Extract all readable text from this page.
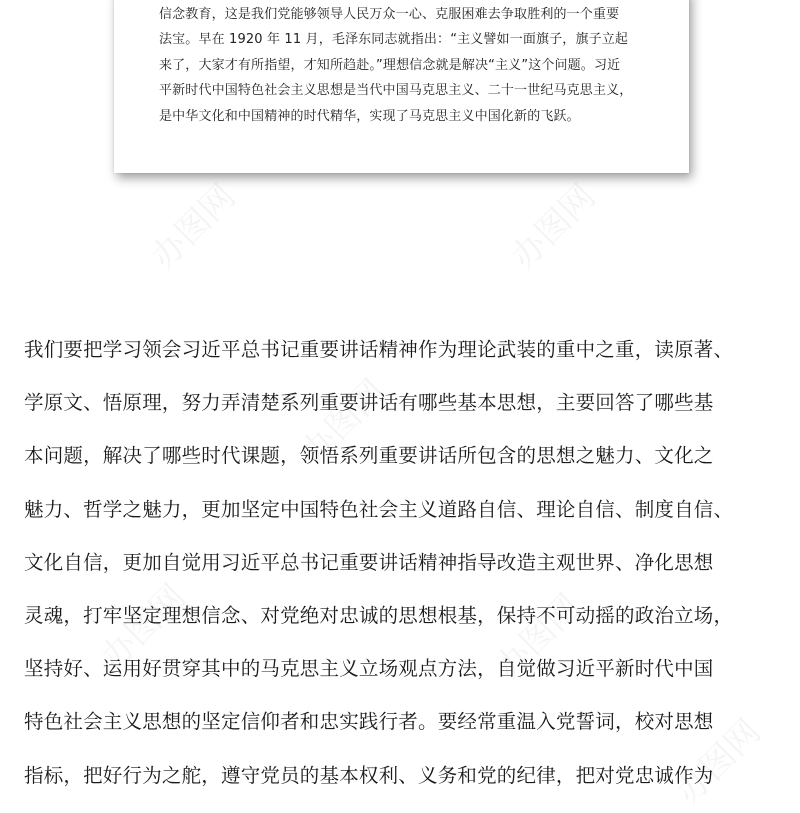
信念教育，这是我们党能够领导人民万众一心、克服困难去争取胜利的一个重要
法宝。早在 1920 年 11 月，毛泽东同志就指出：“主义譬如一面旗子，旗子立起
来了，大家才有所指望，才知所趋赴。”理想信念就是解决“主义”这个问题。习近
平新时代中国特色社会主义思想是当代中国马克思主义、二十一世纪马克思主义，
是中华文化和中国精神的时代精华，实现了马克思主义中国化新的飞跃。
我们要把学习领会习近平总书记重要讲话精神作为理论武装的重中之重，读原著、
学原文、悟原理，努力弄清楚系列重要讲话有哪些基本思想，主要回答了哪些基
本问题，解决了哪些时代课题，领悟系列重要讲话所包含的思想之魅力、文化之
魅力、哲学之魅力，更加坚定中国特色社会主义道路自信、理论自信、制度自信、
文化自信，更加自觉用习近平总书记重要讲话精神指导改造主观世界、净化思想
灵魂，打牢坚定理想信念、对党绝对忠诚的思想根基，保持不可动摇的政治立场，
坚持好、运用好贯穿其中的马克思主义立场观点方法，自觉做习近平新时代中国
特色社会主义思想的坚定信仰者和忠实践行者。要经常重温入党誓词，校对思想
指标，把好行为之舵，遵守党员的基本权利、义务和党的纪律，把对党忠诚作为
